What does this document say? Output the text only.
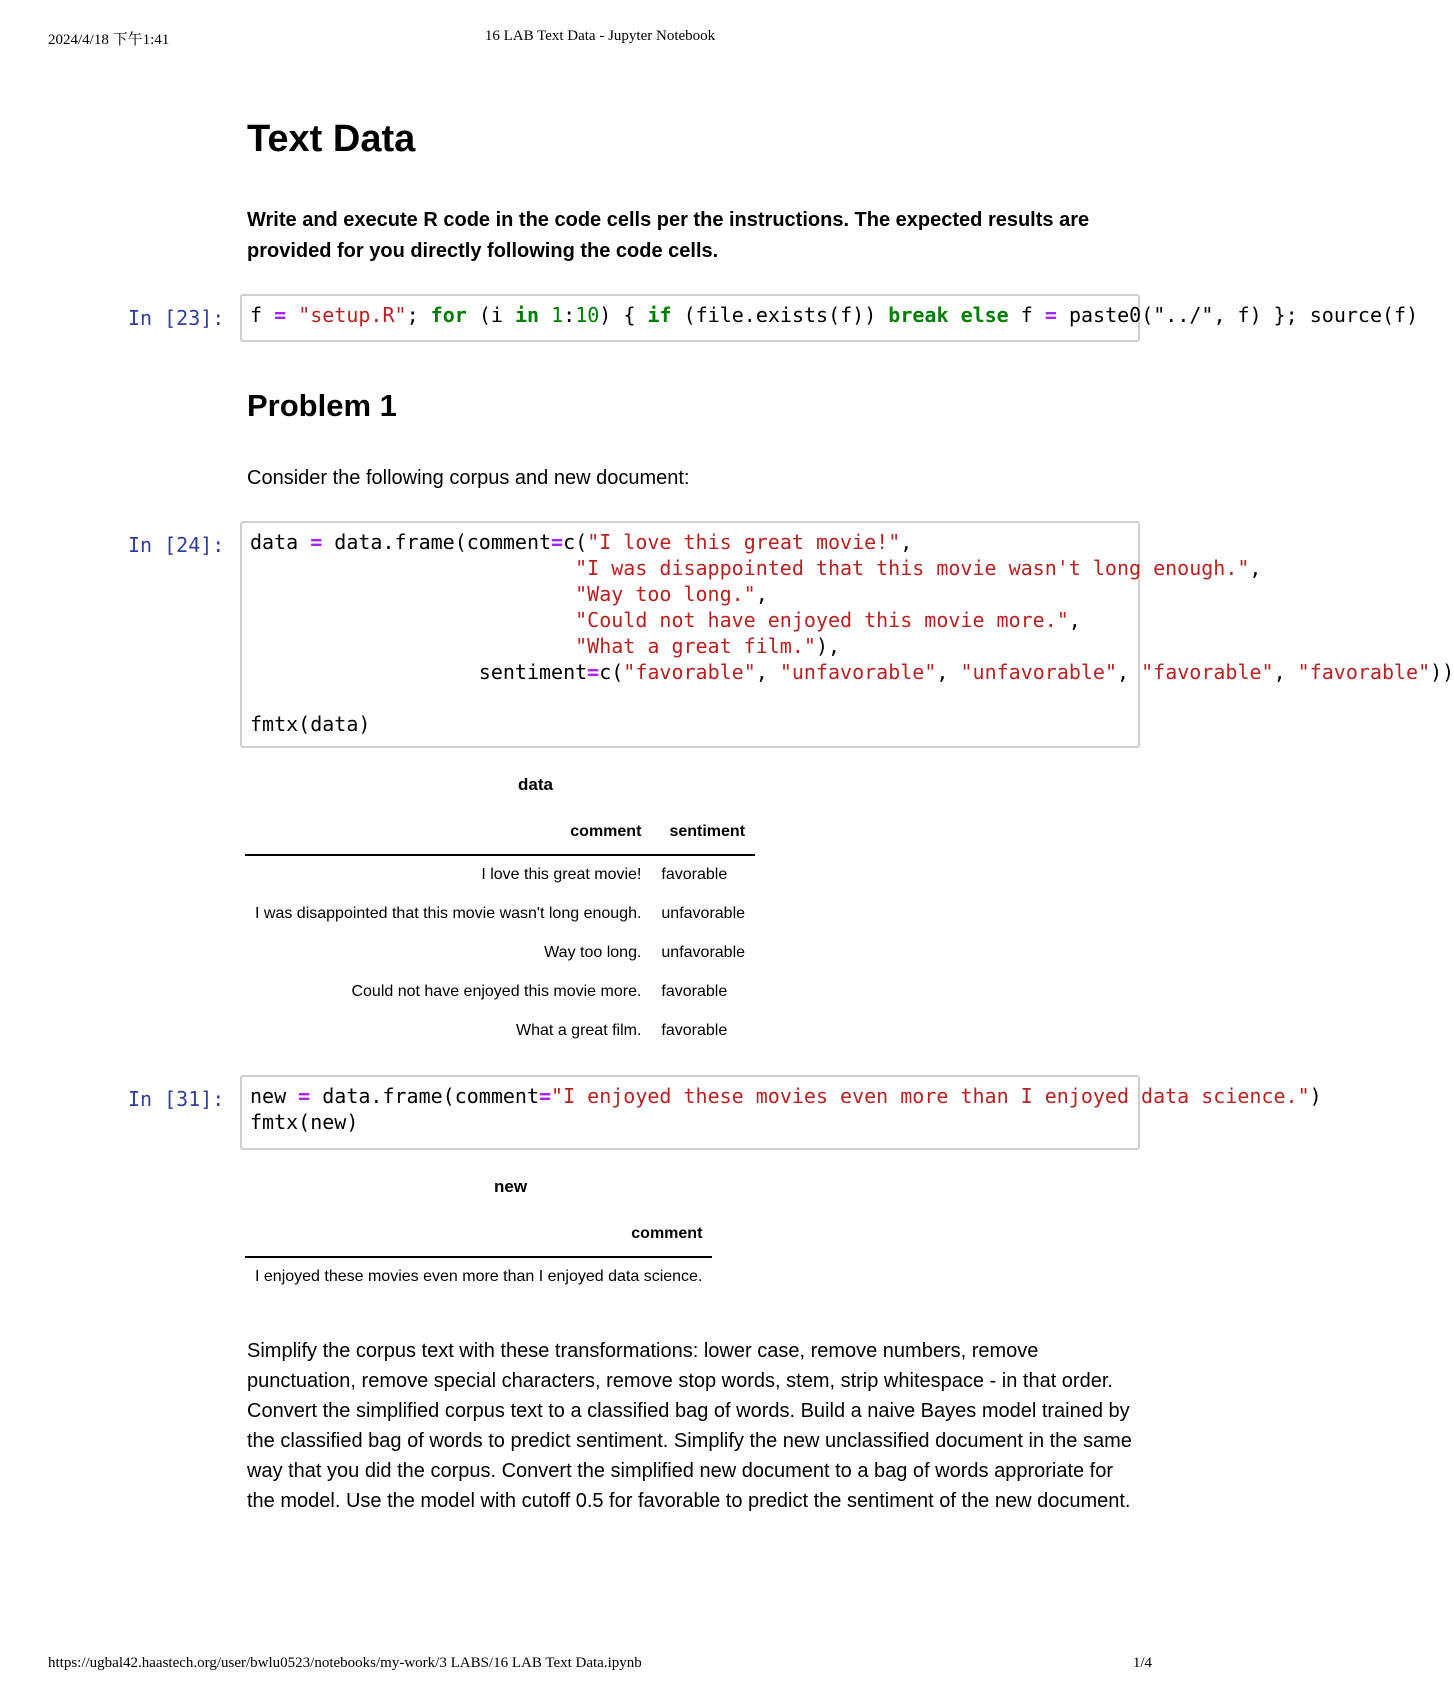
2024/4/18 下午1:41	16 LAB Text Data - Jupyter Notebook
Text Data

Write and execute R code in the code cells per the instructions. The expected results are provided for you directly following the code cells.

In [23]:	f = "setup.R"; for (i in 1:10) { if (file.exists(f)) break else f = paste0("../", f) }; source(f)
Problem 1

Consider the following corpus and new document:

In [24]:	data = data.frame(comment=c("I love this great movie!",
"I was disappointed that this movie wasn't long enough.",
"Way too long.",
"Could not have enjoyed this movie more.",
"What a great film."),
sentiment=c("favorable", "unfavorable", "unfavorable", "favorable", "favorable"))

fmtx(data)
data
comment	sentiment
I love this great movie!	favorable
I was disappointed that this movie wasn't long enough.	unfavorable
Way too long.	unfavorable
Could not have enjoyed this movie more.	favorable
What a great film.	favorable
In [31]:	new = data.frame(comment="I enjoyed these movies even more than I enjoyed data science.")
fmtx(new)
new
comment
I enjoyed these movies even more than I enjoyed data science.

Simplify the corpus text with these transformations: lower case, remove numbers, remove punctuation, remove special characters, remove stop words, stem, strip whitespace - in that order. Convert the simplified corpus text to a classified bag of words. Build a naive Bayes model trained by the classified bag of words to predict sentiment. Simplify the new unclassified document in the same way that you did the corpus. Convert the simplified new document to a bag of words approriate for the model. Use the model with cutoff 0.5 for favorable to predict the sentiment of the new document.

https://ugbal42.haastech.org/user/bwlu0523/notebooks/my-work/3 LABS/16 LAB Text Data.ipynb	1/4
